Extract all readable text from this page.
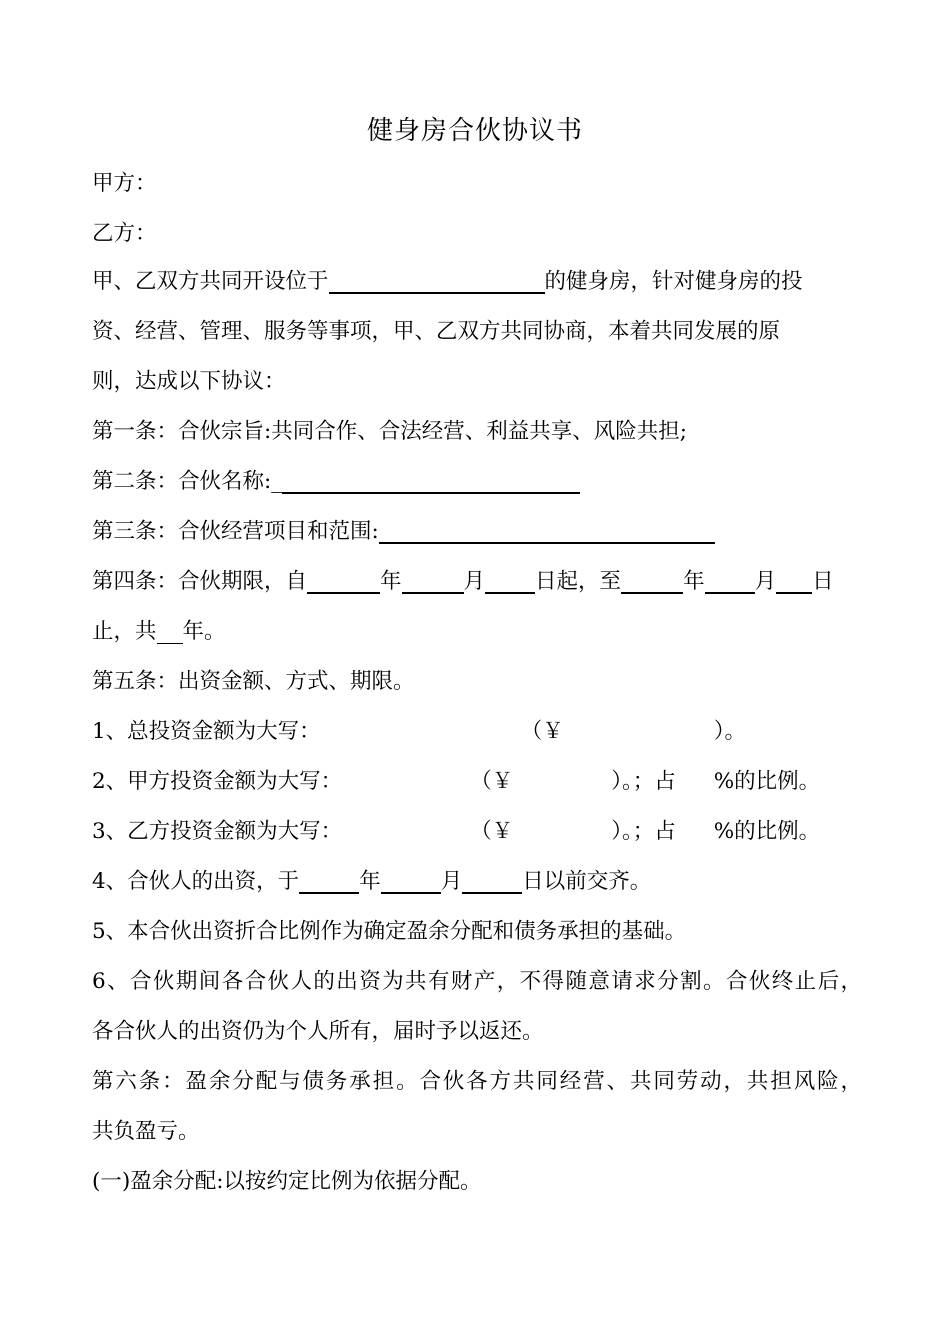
健身房合伙协议书
甲方：
乙方：
甲、乙双方共同开设位于	的健身房，针对健身房的投
资、经营、管理、服务等事项，甲、乙双方共同协商，本着共同发展的原
则，达成以下协议：
第一条：合伙宗旨:共同合作、合法经营、利益共享、风险共担;
第二条：合伙名称:_
第三条：合伙经营项目和范围:
第四条：合伙期限，自	年	月 日起，至	年 月 日
止，共 年。
第五条：出资金额、方式、期限。
1、总投资金额为大写：	（￥	）。
2、甲方投资金额为大写：	（￥	）。；占 %的比例。
3、乙方投资金额为大写：	（￥	）。；占 %的比例。
4、合伙人的出资，于	年	月	日以前交齐。
5、本合伙出资折合比例作为确定盈余分配和债务承担的基础。
6、合伙期间各合伙人的出资为共有财产，不得随意请求分割。合伙终止后，
各合伙人的出资仍为个人所有，届时予以返还。
第六条：盈余分配与债务承担。合伙各方共同经营、共同劳动，共担风险，
共负盈亏。
(一)盈余分配:以按约定比例为依据分配。
